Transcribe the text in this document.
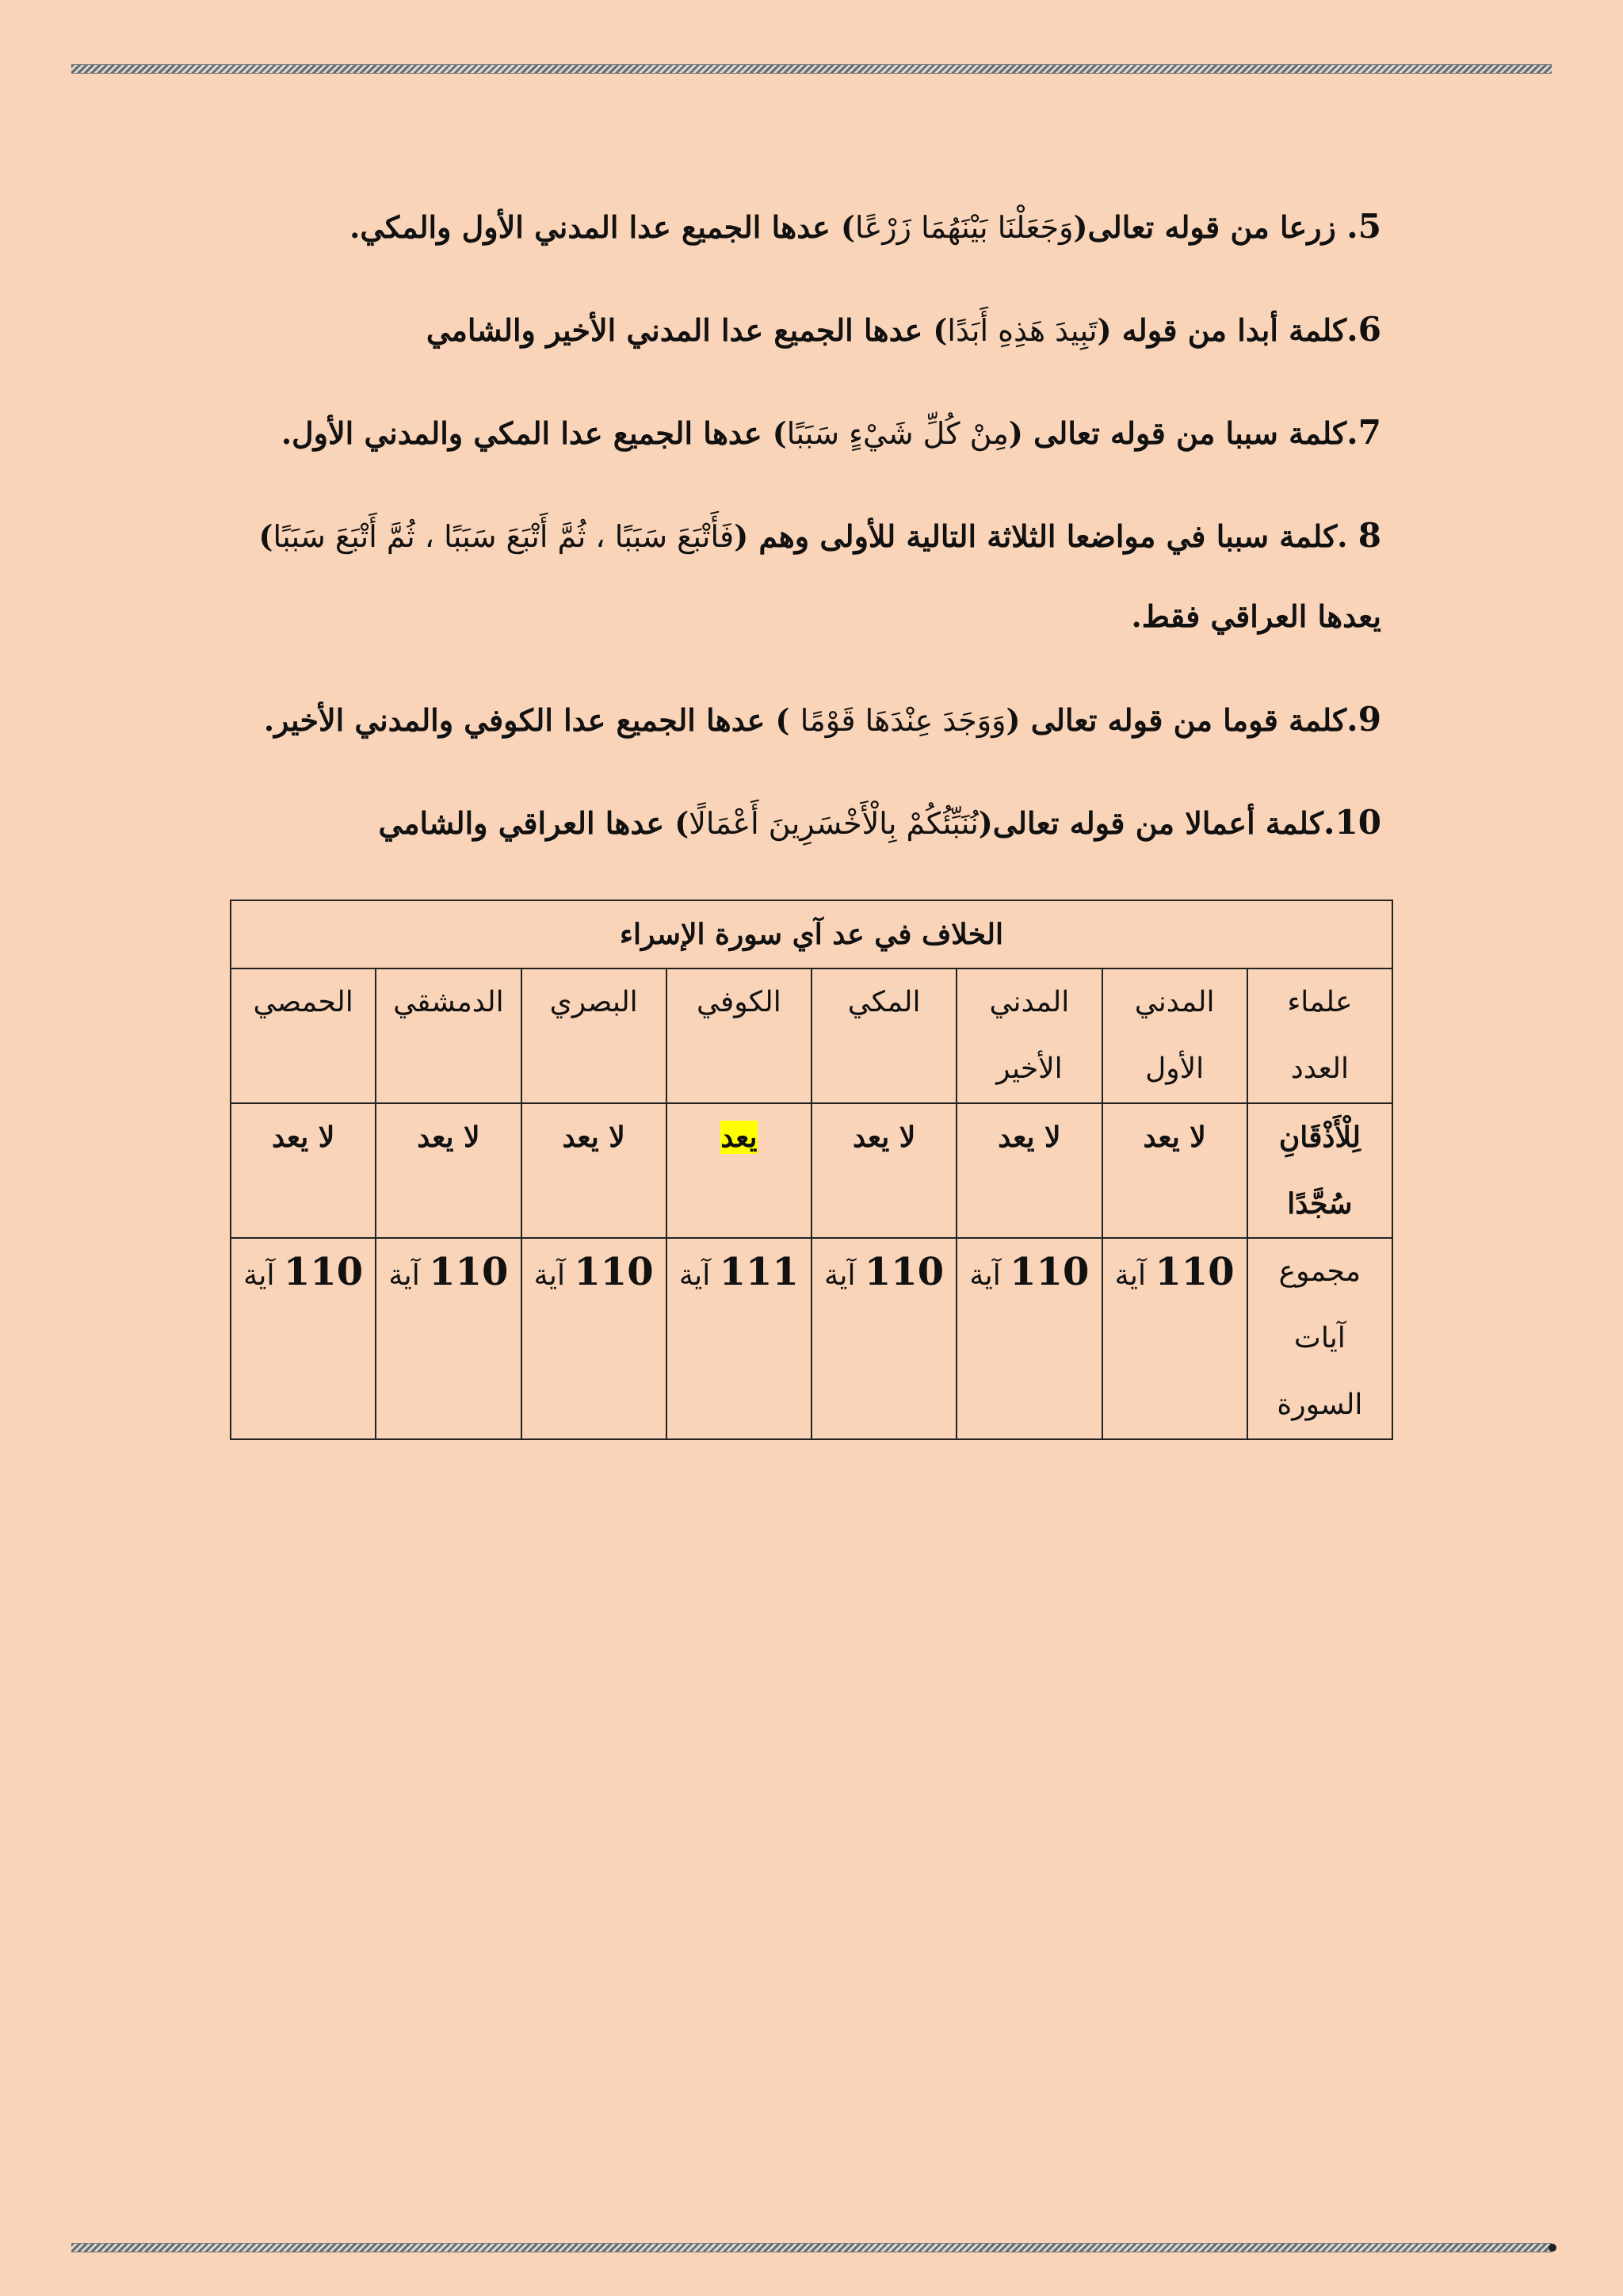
5. زرعا من قوله تعالى(وَجَعَلْنَا بَيْنَهُمَا زَرْعًا) عدها الجميع عدا المدني الأول والمكي.
6.كلمة أبدا من قوله (تَبِيدَ هَذِهِ أَبَدًا) عدها الجميع عدا المدني الأخير والشامي
7.كلمة سببا من قوله تعالى (مِنْ كُلِّ شَيْءٍ سَبَبًا) عدها الجميع عدا المكي والمدني الأول.
8 .كلمة سببا في مواضعا الثلاثة التالية للأولى وهم (فَأَتْبَعَ سَبَبًا ، ثُمَّ أَتْبَعَ سَبَبًا ، ثُمَّ أَتْبَعَ سَبَبًا)
يعدها العراقي فقط.
9.كلمة قوما من قوله تعالى (وَوَجَدَ عِنْدَهَا قَوْمًا ) عدها الجميع عدا الكوفي والمدني الأخير.
10.كلمة أعمالا من قوله تعالى(نُنَبِّئُكُمْ بِالْأَخْسَرِينَ أَعْمَالًا) عدها العراقي والشامي
الخلاف في عد آي سورة الإسراء							
علماء العدد	المدني الأول	المدني الأخير	المكي	الكوفي	البصري	الدمشقي	الحمصي
لِلْأَذْقَانِ سُجَّدًا	لا يعد	لا يعد	لا يعد	يعد	لا يعد	لا يعد	لا يعد
مجموع آيات السورة	110 آية	110 آية	110 آية	111 آية	110 آية	110 آية	110 آية
